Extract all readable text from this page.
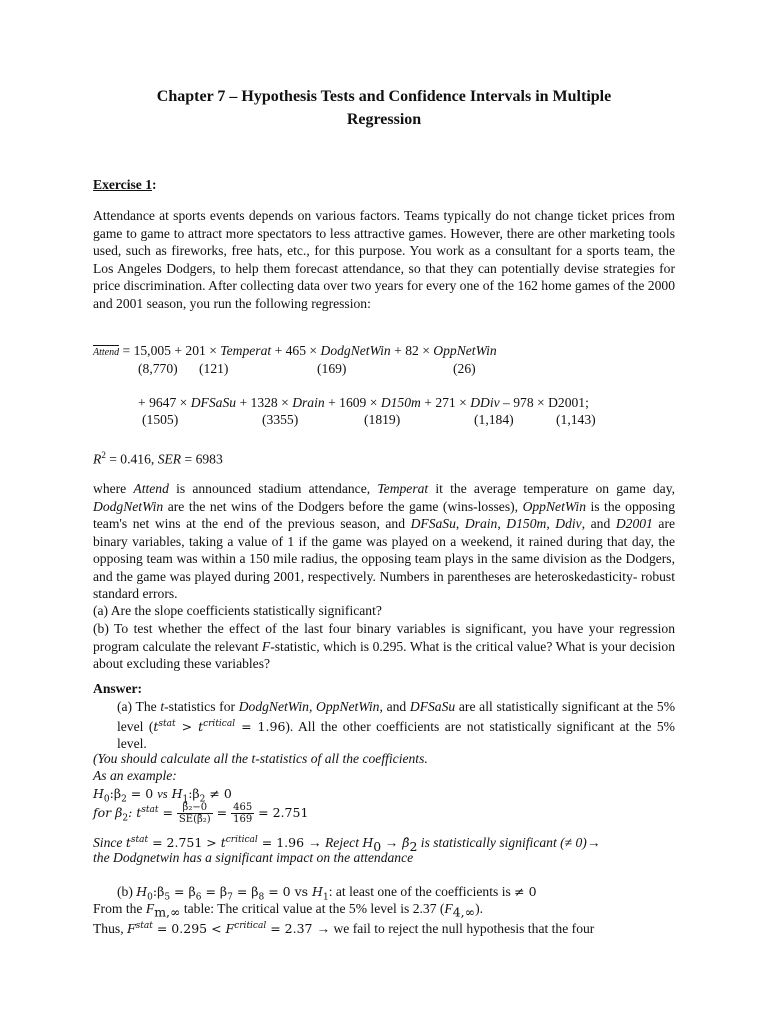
Chapter 7 – Hypothesis Tests and Confidence Intervals in Multiple
Regression
Exercise 1:
Attendance at sports events depends on various factors. Teams typically do not change ticket prices from game to game to attract more spectators to less attractive games. However, there are other marketing tools used, such as fireworks, free hats, etc., for this purpose. You work as a consultant for a sports team, the Los Angeles Dodgers, to help them forecast attendance, so that they can potentially devise strategies for price discrimination. After collecting data over two years for every one of the 162 home games of the 2000 and 2001 season, you run the following regression:
Attend = 15,005 + 201 × Temperat + 465 × DodgNetWin + 82 × OppNetWin
(8,770) (121)	(169)	(26)
+ 9647 × DFSaSu + 1328 × Drain + 1609 × D150m + 271 × DDiv – 978 × D2001;
(1505)	(3355)	(1819)	(1,184)	(1,143)
$R^2 = 0.416$, SER = 6983
where Attend is announced stadium attendance, Temperat it the average temperature on game day, DodgNetWin are the net wins of the Dodgers before the game (wins-losses), OppNetWin is the opposing team's net wins at the end of the previous season, and DFSaSu, Drain, D150m, Ddiv, and D2001 are binary variables, taking a value of 1 if the game was played on a weekend, it rained during that day, the opposing team was within a 150 mile radius, the opposing team plays in the same division as the Dodgers, and the game was played during 2001, respectively. Numbers in parentheses are heteroskedasticity- robust standard errors.
(a) Are the slope coefficients statistically significant?
(b) To test whether the effect of the last four binary variables is significant, you have your regression program calculate the relevant F-statistic, which is 0.295. What is the critical value? What is your decision about excluding these variables?
Answer:
(a) The t-statistics for DodgNetWin, OppNetWin, and DFSaSu are all statistically significant at the 5% level $(t^{stat} > t^{critical} = 1.96)$. All the other coefficients are not statistically significant at the 5% level.
(You should calculate all the t-statistics of all the coefficients.
As an example:
$H_0:\beta_2 = 0$ vs $H_1:\beta_2 \ne 0$
for $\beta_2$: $t^{stat} = \frac{\text{β̂₂−0}}{\text{SE(β̂₂)}} = \frac{465}{169} = 2.751$
Since $t^{stat} = 2.751 > t^{critical} = 1.96$ → Reject $H_0$ → $\betâ_2$ is statistically significant (≠ 0)→
the Dodgnetwin has a significant impact on the attendance
(b) $H_0:\beta_5 = \beta_6 = \beta_7 = \beta_8 = 0$ vs $H_1$: at least one of the coefficients is ≠ 0
From the $F_{m,\infty}$ table: The critical value at the 5% level is 2.37 $(F_{4,\infty})$.
Thus, $F^{stat} = 0.295 < F^{critical} = 2.37$ → we fail to reject the null hypothesis that the four
